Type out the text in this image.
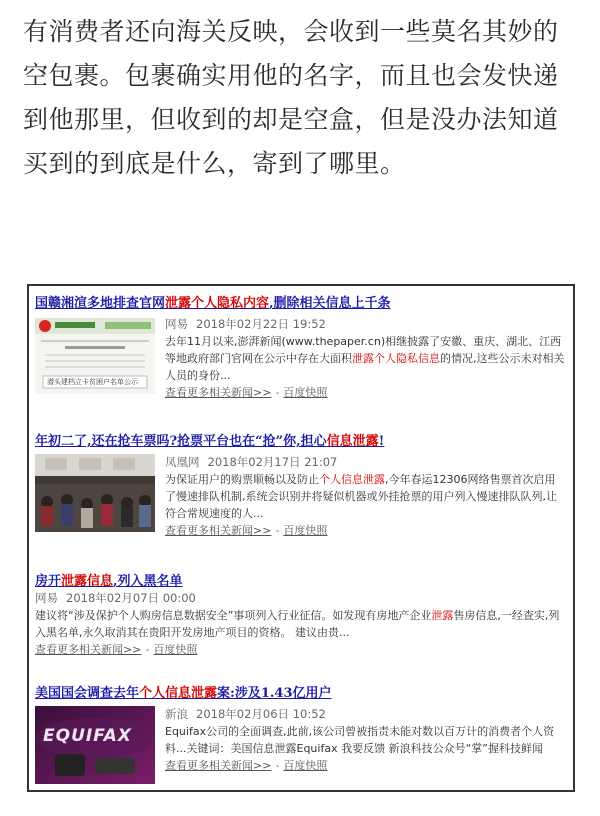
有消费者还向海关反映，会收到一些莫名其妙的空包裹。包裹确实用他的名字，而且也会发快递到他那里，但收到的却是空盒，但是没办法知道买到的到底是什么，寄到了哪里。

国赣湘渲多地排查官网泄露个人隐私内容,删除相关信息上千条
潜头建档立卡贫困户名单公示
网易 2018年02月22日 19:52
去年11月以来,澎湃新闻(www.thepaper.cn)相继披露了安徽、重庆、湖北、江西等地政府部门官网在公示中存在大面积泄露个人隐私信息的情况,这些公示未对相关人员的身份...
查看更多相关新闻>> - 百度快照
年初二了,还在抢车票吗?抢票平台也在“抢”你,担心信息泄露!
凤凰网 2018年02月17日 21:07
为保证用户的购票顺畅以及防止个人信息泄露,今年春运12306网络售票首次启用了慢速排队机制,系统会识别并将疑似机器或外挂抢票的用户列入慢速排队队列,让符合常规速度的人...
查看更多相关新闻>> - 百度快照
房开泄露信息,列入黑名单
网易 2018年02月07日 00:00
建议将“涉及保护个人购房信息数据安全”事项列入行业征信。如发现有房地产企业泄露售房信息,一经查实,列入黑名单,永久取消其在贵阳开发房地产项目的资格。 建议由贵...
查看更多相关新闻>> - 百度快照
美国国会调查去年个人信息泄露案:涉及1.43亿用户
EQUIFAX
新浪 2018年02月06日 10:52
Equifax公司的全面调查,此前,该公司曾被指责未能对数以百万计的消费者个人资料...关键词：美国信息泄露Equifax 我要反馈 新浪科技公众号“掌”握科技鲜闻
查看更多相关新闻>> - 百度快照
